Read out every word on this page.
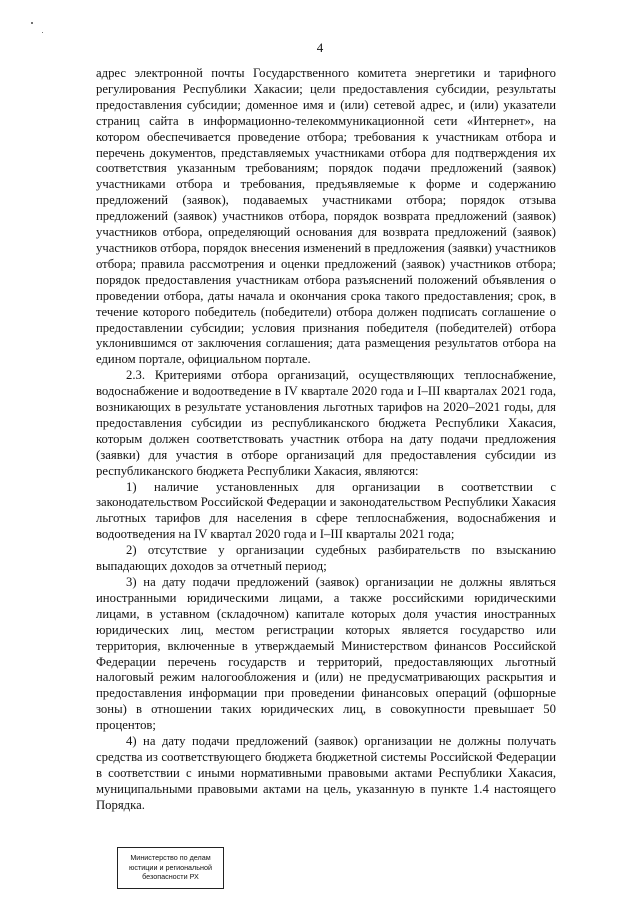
4

адрес электронной почты Государственного комитета энергетики и тарифного регулирования Республики Хакасии; цели предоставления субсидии, результаты предоставления субсидии; доменное имя и (или) сетевой адрес, и (или) указатели страниц сайта в информационно-телекоммуникационной сети «Интернет», на котором обеспечивается проведение отбора; требования к участникам отбора и перечень документов, представляемых участниками отбора для подтверждения их соответствия указанным требованиям; порядок подачи предложений (заявок) участниками отбора и требования, предъявляемые к форме и содержанию предложений (заявок), подаваемых участниками отбора; порядок отзыва предложений (заявок) участников отбора, порядок возврата предложений (заявок) участников отбора, определяющий основания для возврата предложений (заявок) участников отбора, порядок внесения изменений в предложения (заявки) участников отбора; правила рассмотрения и оценки предложений (заявок) участников отбора; порядок предоставления участникам отбора разъяснений положений объявления о проведении отбора, даты начала и окончания срока такого предоставления; срок, в течение которого победитель (победители) отбора должен подписать соглашение о предоставлении субсидии; условия признания победителя (победителей) отбора уклонившимся от заключения соглашения; дата размещения результатов отбора на едином портале, официальном портале.

2.3. Критериями отбора организаций, осуществляющих теплоснабжение, водоснабжение и водоотведение в IV квартале 2020 года и I–III кварталах 2021 года, возникающих в результате установления льготных тарифов на 2020–2021 годы, для предоставления субсидии из республиканского бюджета Республики Хакасия, которым должен соответствовать участник отбора на дату подачи предложения (заявки) для участия в отборе организаций для предоставления субсидии из республиканского бюджета Республики Хакасия, являются:

1) наличие установленных для организации в соответствии с законодательством Российской Федерации и законодательством Республики Хакасия льготных тарифов для населения в сфере теплоснабжения, водоснабжения и водоотведения на IV квартал 2020 года и I–III кварталы 2021 года;

2) отсутствие у организации судебных разбирательств по взысканию выпадающих доходов за отчетный период;

3) на дату подачи предложений (заявок) организации не должны являться иностранными юридическими лицами, а также российскими юридическими лицами, в уставном (складочном) капитале которых доля участия иностранных юридических лиц, местом регистрации которых является государство или территория, включенные в утверждаемый Министерством финансов Российской Федерации перечень государств и территорий, предоставляющих льготный налоговый режим налогообложения и (или) не предусматривающих раскрытия и предоставления информации при проведении финансовых операций (офшорные зоны) в отношении таких юридических лиц, в совокупности превышает 50 процентов;

4) на дату подачи предложений (заявок) организации не должны получать средства из соответствующего бюджета бюджетной системы Российской Федерации в соответствии с иными нормативными правовыми актами Республики Хакасия, муниципальными правовыми актами на цель, указанную в пункте 1.4 настоящего Порядка.

Министерство по делам
юстиции и региональной
безопасности РХ
